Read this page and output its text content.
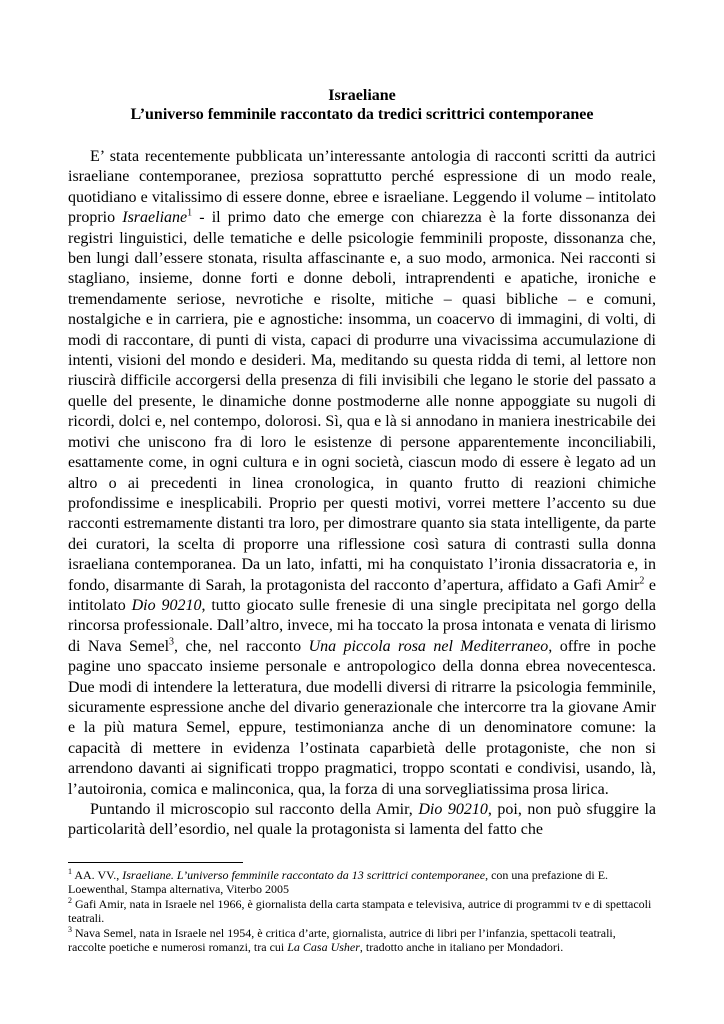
Israeliane
L’universo femminile raccontato da tredici scrittrici contemporanee

E’ stata recentemente pubblicata un’interessante antologia di racconti scritti da autrici israeliane contemporanee, preziosa soprattutto perché espressione di un modo reale, quotidiano e vitalissimo di essere donne, ebree e israeliane. Leggendo il volume – intitolato proprio Israeliane$^1$ - il primo dato che emerge con chiarezza è la forte dissonanza dei registri linguistici, delle tematiche e delle psicologie femminili proposte, dissonanza che, ben lungi dall’essere stonata, risulta affascinante e, a suo modo, armonica. Nei racconti si stagliano, insieme, donne forti e donne deboli, intraprendenti e apatiche, ironiche e tremendamente seriose, nevrotiche e risolte, mitiche – quasi bibliche – e comuni, nostalgiche e in carriera, pie e agnostiche: insomma, un coacervo di immagini, di volti, di modi di raccontare, di punti di vista, capaci di produrre una vivacissima accumulazione di intenti, visioni del mondo e desideri. Ma, meditando su questa ridda di temi, al lettore non riuscirà difficile accorgersi della presenza di fili invisibili che legano le storie del passato a quelle del presente, le dinamiche donne postmoderne alle nonne appoggiate su nugoli di ricordi, dolci e, nel contempo, dolorosi. Sì, qua e là si annodano in maniera inestricabile dei motivi che uniscono fra di loro le esistenze di persone apparentemente inconciliabili, esattamente come, in ogni cultura e in ogni società, ciascun modo di essere è legato ad un altro o ai precedenti in linea cronologica, in quanto frutto di reazioni chimiche profondissime e inesplicabili. Proprio per questi motivi, vorrei mettere l’accento su due racconti estremamente distanti tra loro, per dimostrare quanto sia stata intelligente, da parte dei curatori, la scelta di proporre una riflessione così satura di contrasti sulla donna israeliana contemporanea. Da un lato, infatti, mi ha conquistato l’ironia dissacratoria e, in fondo, disarmante di Sarah, la protagonista del racconto d’apertura, affidato a Gafi Amir$^2$ e intitolato Dio 90210, tutto giocato sulle frenesie di una single precipitata nel gorgo della rincorsa professionale. Dall’altro, invece, mi ha toccato la prosa intonata e venata di lirismo di Nava Semel$^3$, che, nel racconto Una piccola rosa nel Mediterraneo, offre in poche pagine uno spaccato insieme personale e antropologico della donna ebrea novecentesca. Due modi di intendere la letteratura, due modelli diversi di ritrarre la psicologia femminile, sicuramente espressione anche del divario generazionale che intercorre tra la giovane Amir e la più matura Semel, eppure, testimonianza anche di un denominatore comune: la capacità di mettere in evidenza l’ostinata caparbietà delle protagoniste, che non si arrendono davanti ai significati troppo pragmatici, troppo scontati e condivisi, usando, là, l’autoironia, comica e malinconica, qua, la forza di una sorvegliatissima prosa lirica.

Puntando il microscopio sul racconto della Amir, Dio 90210, poi, non può sfuggire la particolarità dell’esordio, nel quale la protagonista si lamenta del fatto che

$^1$ AA. VV., Israeliane. L’universo femminile raccontato da 13 scrittrici contemporanee, con una prefazione di E. Loewenthal, Stampa alternativa, Viterbo 2005

$^2$ Gafi Amir, nata in Israele nel 1966, è giornalista della carta stampata e televisiva, autrice di programmi tv e di spettacoli teatrali.

$^3$ Nava Semel, nata in Israele nel 1954, è critica d’arte, giornalista, autrice di libri per l’infanzia, spettacoli teatrali, raccolte poetiche e numerosi romanzi, tra cui La Casa Usher, tradotto anche in italiano per Mondadori.
